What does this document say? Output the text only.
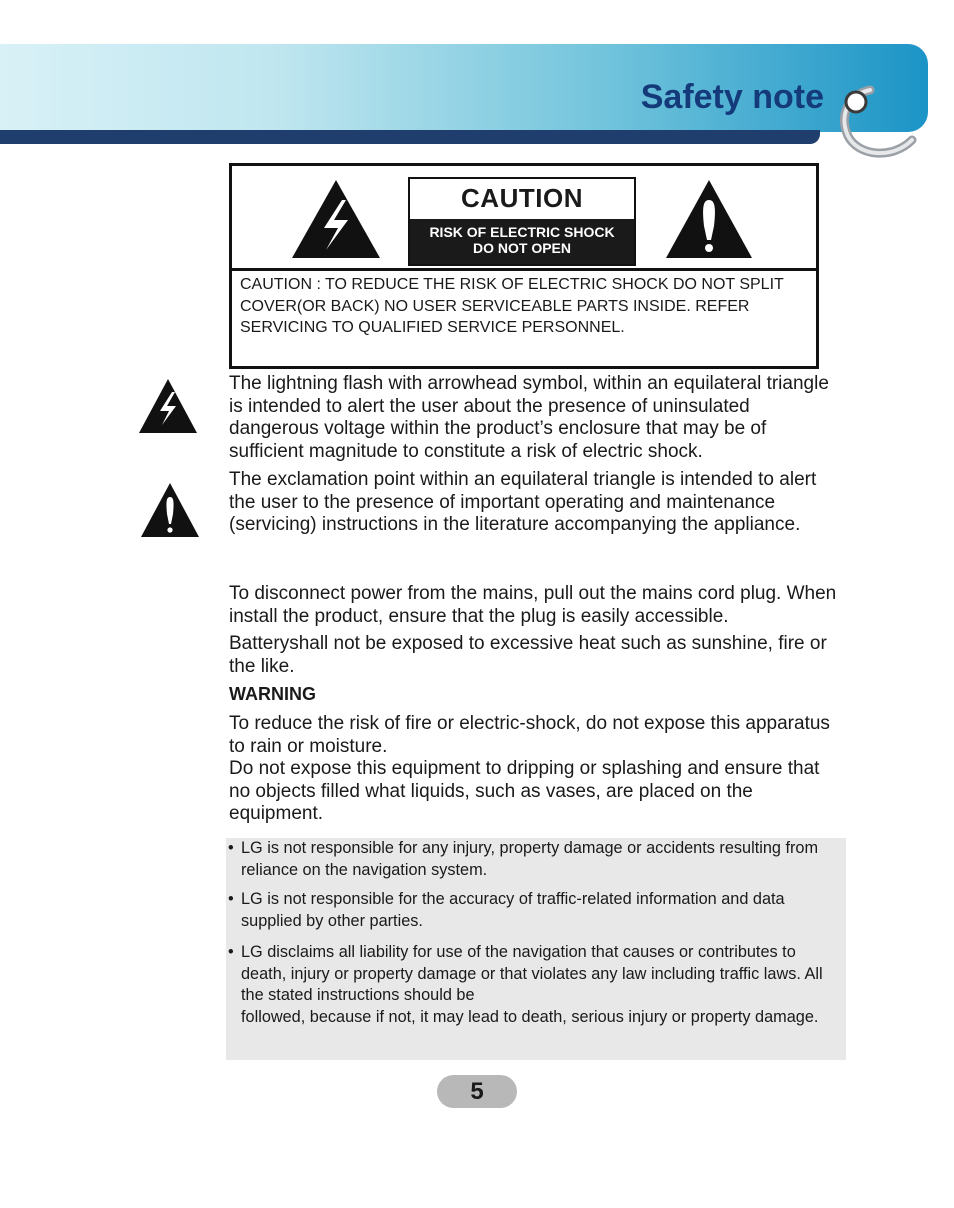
Safety note
CAUTION
RISK OF ELECTRIC SHOCK
DO NOT OPEN
CAUTION : TO REDUCE THE RISK OF ELECTRIC SHOCK DO NOT SPLIT COVER(OR BACK) NO USER SERVICEABLE PARTS INSIDE. REFER SERVICING TO QUALIFIED SERVICE PERSONNEL.

The lightning flash with arrowhead symbol, within an equilateral triangle is intended to alert the user about the presence of uninsulated dangerous voltage within the product’s enclosure that may be of sufficient magnitude to constitute a risk of electric shock.

The exclamation point within an equilateral triangle is intended to alert the user to the presence of important operating and maintenance (servicing) instructions in the literature accompanying the appliance.

To disconnect power from the mains, pull out the mains cord plug. When install the product, ensure that the plug is easily accessible.

Batteryshall not be exposed to excessive heat such as sunshine, fire or the like.

WARNING

To reduce the risk of fire or electric-shock, do not expose this apparatus to rain or moisture.

Do not expose this equipment to dripping or splashing and ensure that no objects filled what liquids, such as vases, are placed on the equipment.

• LG is not responsible for any injury, property damage or accidents resulting from reliance on the navigation system.
• LG is not responsible for the accuracy of traffic-related information and data supplied by other parties.
• LG disclaims all liability for use of the navigation that causes or contributes to death, injury or property damage or that violates any law including traffic laws. All the stated instructions should be
followed, because if not, it may lead to death, serious injury or property damage.
5
